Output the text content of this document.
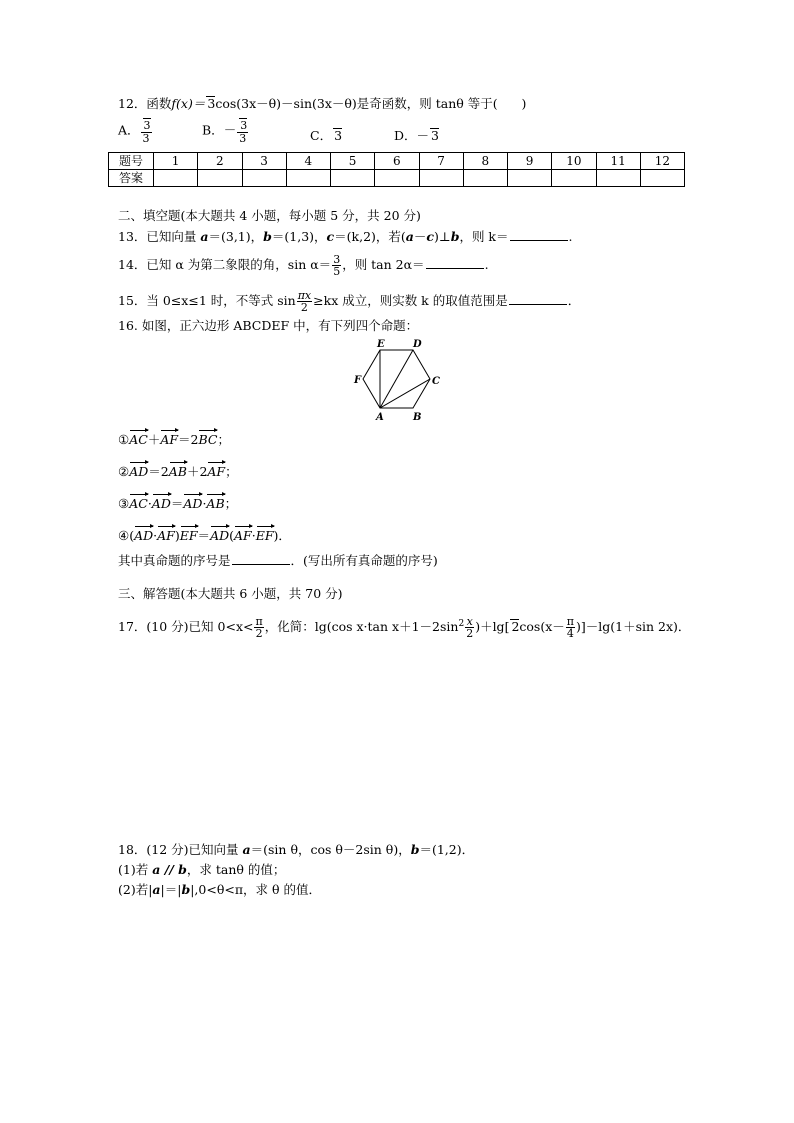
12．函数f(x)＝ 3cos(3x－θ)－sin(3x－θ)是奇函数，则 tanθ 等于( )
A． $\frac{3}{3}$	B．－ $\frac{3}{3}$	C． 3	D．－ 3
题号	1	2	3	4	5	6	7	8	9	10	11	12
答案												
二、填空题(本大题共 4 小题，每小题 5 分，共 20 分)
13．已知向量 a＝(3,1)，b＝(1,3)，c＝(k,2)，若(a－c)⊥b，则 k＝	.
14．已知 α 为第二象限的角，$\sin \alpha= \frac{3}{5}$ ，则 tan 2α＝	.
15．当 0≤x≤1 时，不等式 $\sin \frac{\pi x}{2} \ge kx$ 成立，则实数 k 的取值范围是	．
16. 如图，正六边形 ABCDEF 中，有下列四个命题：
A	B
C
D
E
F
①AC＋AF＝2BC；
②AD＝2AB＋2AF；
③AC·AD＝AD·AB；
④(AD·AF)EF＝AD(AF·EF)．
其中真命题的序号是	．(写出所有真命题的序号)
三、解答题(本大题共 6 小题，共 70 分)
17．(10 分)已知 $0<x< \frac{\pi}{2}$ ，化简：lg(cos x·tan $x+1-2\sin^2 \frac{x}{2} )+\lg$[ $2\cos(x- \frac{\pi}{4} )]-\lg(1+\sin$ 2x)．
18．(12 分)已知向量 a＝(sin θ，cos θ－2sin θ)，b＝(1,2)．
(1)若 a // b，求 tanθ 的值；
(2)若|a|＝|b|,0<θ<π，求 θ 的值．
